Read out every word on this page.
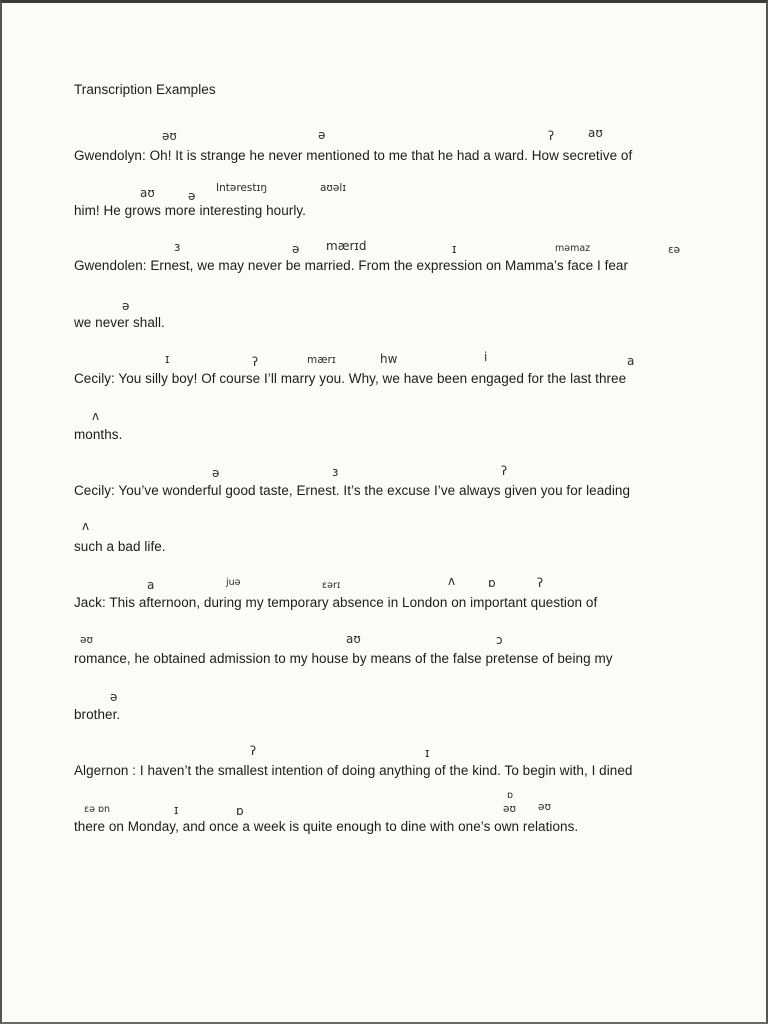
Transcription Examples
əʊ	ə	ʔ	aʊ
Gwendolyn: Oh! It is strange he never mentioned to me that he had a ward. How secretive of
aʊ	ə
Intərestɪŋ	aʊəlɪ
him! He grows more interesting hourly.
ɜ	ə mærɪd	ɪ	məmaz	ɛə
Gwendolen: Ernest, we may never be married. From the expression on Mamma’s face I fear
ə
we never shall.
ɪ	ʔ	mærɪ	hw	i	a
Cecily: You silly boy! Of course I’ll marry you. Why, we have been engaged for the last three
ʌ
months.
ə	ɜ	ʔ
Cecily: You’ve wonderful good taste, Ernest. It’s the excuse I’ve always given you for leading
ʌ
such a bad life.
a	juə	ɛərɪ	ʌ	ɒ	ʔ
Jack: This afternoon, during my temporary absence in London on important question of
əʊ	aʊ	ɔ
romance, he obtained admission to my house by means of the false pretense of being my
ə
brother.
ʔ	ɪ
Algernon : I haven’t the smallest intention of doing anything of the kind. To begin with, I dined
ɛə ɒn	ɪ	ɒ
ɒ
əʊ əʊ
there on Monday, and once a week is quite enough to dine with one’s own relations.
